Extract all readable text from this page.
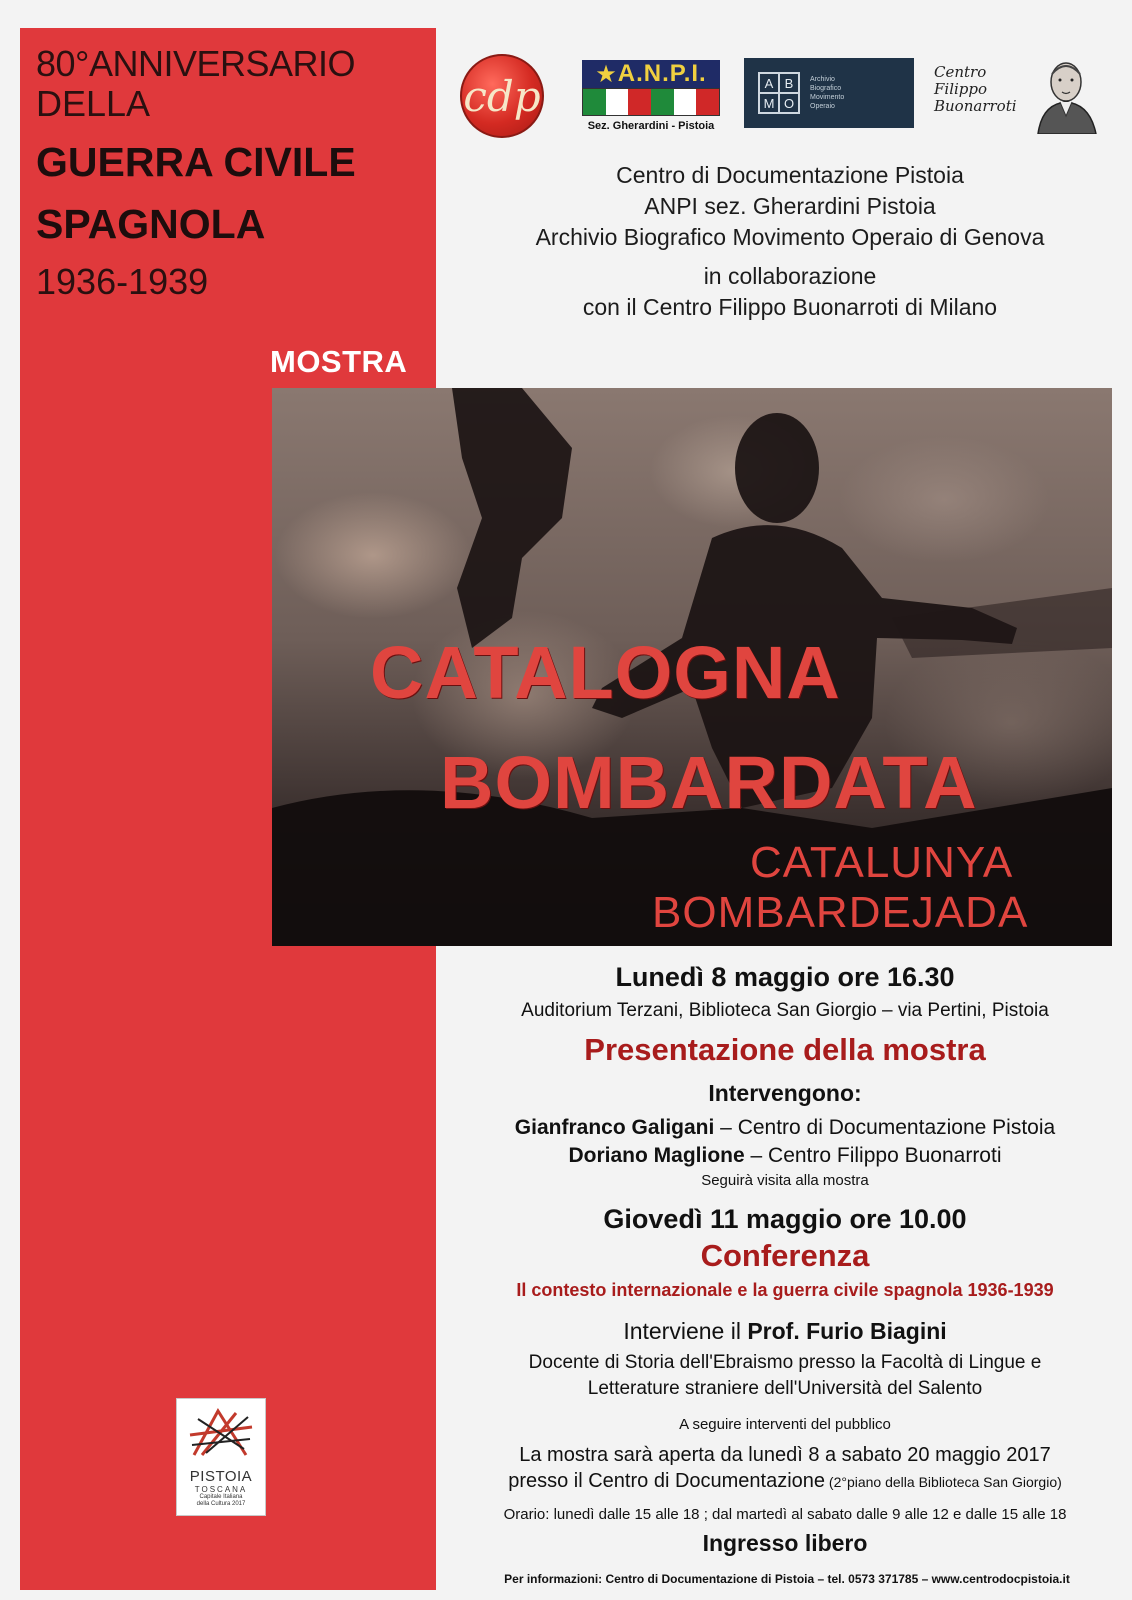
80°ANNIVERSARIO
DELLA
GUERRA CIVILE
SPAGNOLA
1936-1939
MOSTRA
cdp ★ A.N.P.I.
Sez. Gherardini - Pistoia
A B
M O
Archivio
Biografico
Movimento
Operaio
Centro
Filippo
Buonarroti
Centro di Documentazione Pistoia
ANPI sez. Gherardini Pistoia
Archivio Biografico Movimento Operaio di Genova
in collaborazione
con il Centro Filippo Buonarroti di Milano
CATALOGNA
BOMBARDATA
CATALUNYA
BOMBARDEJADA
Lunedì 8 maggio ore 16.30
Auditorium Terzani, Biblioteca San Giorgio – via Pertini, Pistoia
Presentazione della mostra
Intervengono:
Gianfranco Galigani – Centro di Documentazione Pistoia
Doriano Maglione – Centro Filippo Buonarroti
Seguirà visita alla mostra
Giovedì 11 maggio ore 10.00
Conferenza
Il contesto internazionale e la guerra civile spagnola 1936-1939
Interviene il Prof. Furio Biagini
Docente di Storia dell'Ebraismo presso la Facoltà di Lingue e
Letterature straniere dell'Università del Salento
A seguire interventi del pubblico
La mostra sarà aperta da lunedì 8 a sabato 20 maggio 2017
presso il Centro di Documentazione (2°piano della Biblioteca San Giorgio)
Orario: lunedì dalle 15 alle 18 ; dal martedì al sabato dalle 9 alle 12 e dalle 15 alle 18
Ingresso libero
Per informazioni: Centro di Documentazione di Pistoia – tel. 0573 371785 – www.centrodocpistoia.it
PISTOIA
TOSCANA
Capitale Italiana
della Cultura 2017
